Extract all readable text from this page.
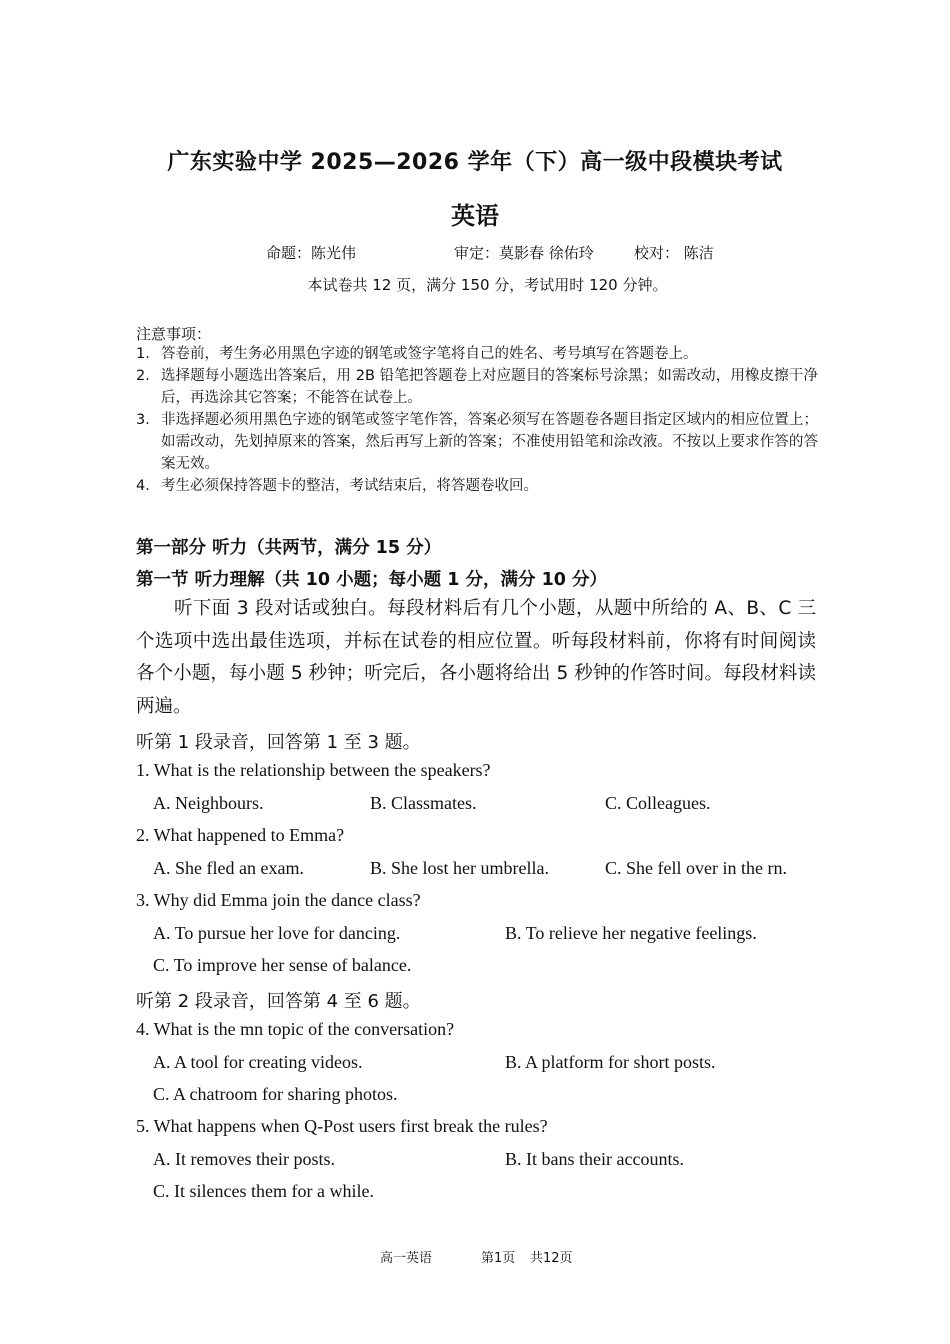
广东实验中学 2025—2026 学年（下）高一级中段模块考试
英语
命题：陈光伟	审定：莫影春 徐佑玲	校对： 陈洁
本试卷共 12 页，满分 150 分，考试用时 120 分钟。
注意事项：
1． 答卷前，考生务必用黑色字迹的钢笔或签字笔将自己的姓名、考号填写在答题卷上。
2． 选择题每小题选出答案后，用 2B 铅笔把答题卷上对应题目的答案标号涂黑；如需改动，用橡皮擦干净后，再选涂其它答案；不能答在试卷上。
3． 非选择题必须用黑色字迹的钢笔或签字笔作答，答案必须写在答题卷各题目指定区域内的相应位置上；如需改动，先划掉原来的答案，然后再写上新的答案；不准使用铅笔和涂改液。不按以上要求作答的答案无效。
4． 考生必须保持答题卡的整洁，考试结束后，将答题卷收回。
第一部分 听力（共两节，满分 15 分）
第一节 听力理解（共 10 小题；每小题 1 分，满分 10 分）
听下面 3 段对话或独白。每段材料后有几个小题，从题中所给的 A、B、C 三个选项中选出最佳选项，并标在试卷的相应位置。听每段材料前，你将有时间阅读各个小题，每小题 5 秒钟；听完后，各小题将给出 5 秒钟的作答时间。每段材料读两遍。
听第 1 段录音，回答第 1 至 3 题。
1. What is the relationship between the speakers?
A. Neighbours.	B. Classmates.	C. Colleagues.
2. What happened to Emma?
A. She fled an exam.	B. She lost her umbrella.	C. She fell over in the rn.
3. Why did Emma join the dance class?
A. To pursue her love for dancing.	B. To relieve her negative feelings.
C. To improve her sense of balance.
听第 2 段录音，回答第 4 至 6 题。
4. What is the mn topic of the conversation?
A. A tool for creating videos.	B. A platform for short posts.
C. A chatroom for sharing photos.
5. What happens when Q-Post users first break the rules?
A. It removes their posts.	B. It bans their accounts.
C. It silences them for a while.
高一英语	第1页 共12页
